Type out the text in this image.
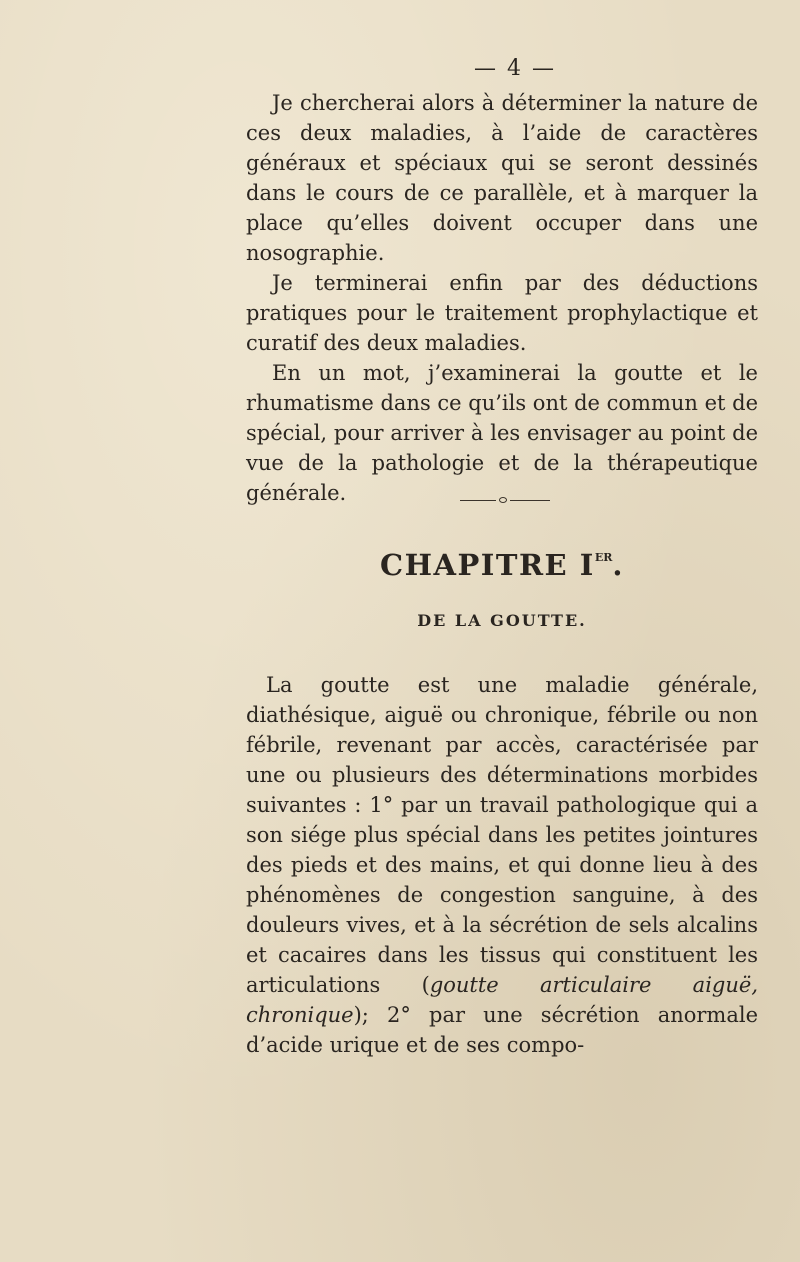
— 4 —

Je chercherai alors à déterminer la nature de ces deux maladies, à l’aide de caractères généraux et spéciaux qui se seront dessinés dans le cours de ce parallèle, et à marquer la place qu’elles doivent occuper dans une nosographie.

Je terminerai enfin par des déductions pratiques pour le traitement prophylactique et curatif des deux maladies.

En un mot, j’examinerai la goutte et le rhumatisme dans ce qu’ils ont de commun et de spécial, pour arriver à les envisager au point de vue de la pathologie et de la thérapeutique générale.

CHAPITRE IER.
DE LA GOUTTE.

La goutte est une maladie générale, diathésique, aiguë ou chronique, fébrile ou non fébrile, revenant par accès, caractérisée par une ou plusieurs des déterminations morbides suivantes : 1° par un travail pathologique qui a son siége plus spécial dans les petites jointures des pieds et des mains, et qui donne lieu à des phénomènes de congestion sanguine, à des douleurs vives, et à la sécrétion de sels alcalins et cacaires dans les tissus qui constituent les articulations (goutte articulaire aiguë, chronique); 2° par une sécrétion anormale d’acide urique et de ses compo-
